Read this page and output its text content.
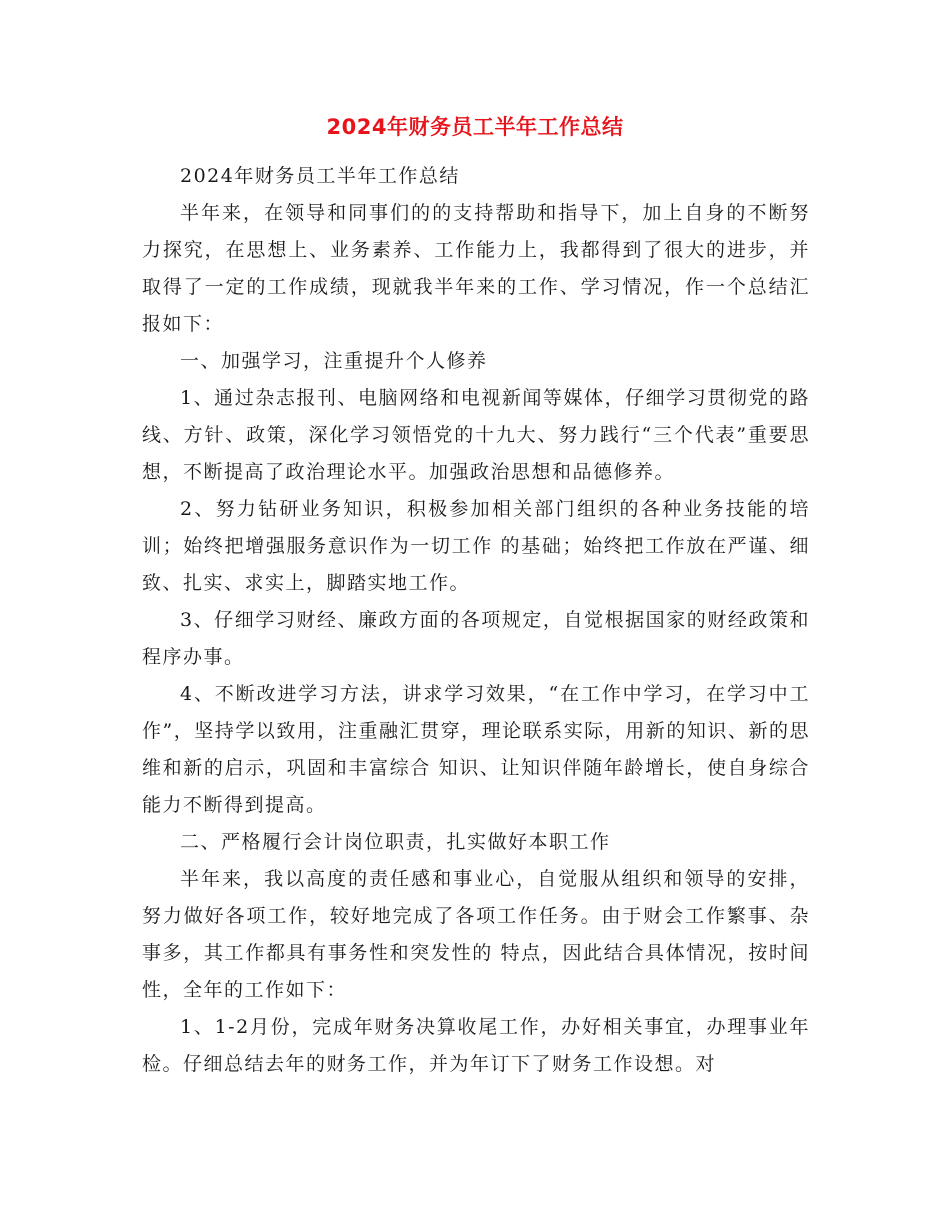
2024年财务员工半年工作总结

2024年财务员工半年工作总结

半年来，在领导和同事们的的支持帮助和指导下，加上自身的不断努力探究，在思想上、业务素养、工作能力上，我都得到了很大的进步，并取得了一定的工作成绩，现就我半年来的工作、学习情况，作一个总结汇报如下：

一、加强学习，注重提升个人修养

1、通过杂志报刊、电脑网络和电视新闻等媒体，仔细学习贯彻党的路线、方针、政策，深化学习领悟党的十九大、努力践行“三个代表”重要思想，不断提高了政治理论水平。加强政治思想和品德修养。

2、努力钻研业务知识，积极参加相关部门组织的各种业务技能的培训；始终把增强服务意识作为一切工作 的基础；始终把工作放在严谨、细致、扎实、求实上，脚踏实地工作。

3、仔细学习财经、廉政方面的各项规定，自觉根据国家的财经政策和程序办事。

4、不断改进学习方法，讲求学习效果，“在工作中学习，在学习中工作”，坚持学以致用，注重融汇贯穿，理论联系实际，用新的知识、新的思维和新的启示，巩固和丰富综合 知识、让知识伴随年龄增长，使自身综合能力不断得到提高。

二、严格履行会计岗位职责，扎实做好本职工作

半年来，我以高度的责任感和事业心，自觉服从组织和领导的安排，努力做好各项工作，较好地完成了各项工作任务。由于财会工作繁事、杂事多，其工作都具有事务性和突发性的 特点，因此结合具体情况，按时间性，全年的工作如下：

1、1-2月份，完成年财务决算收尾工作，办好相关事宜，办理事业年检。仔细总结去年的财务工作，并为年订下了财务工作设想。对
